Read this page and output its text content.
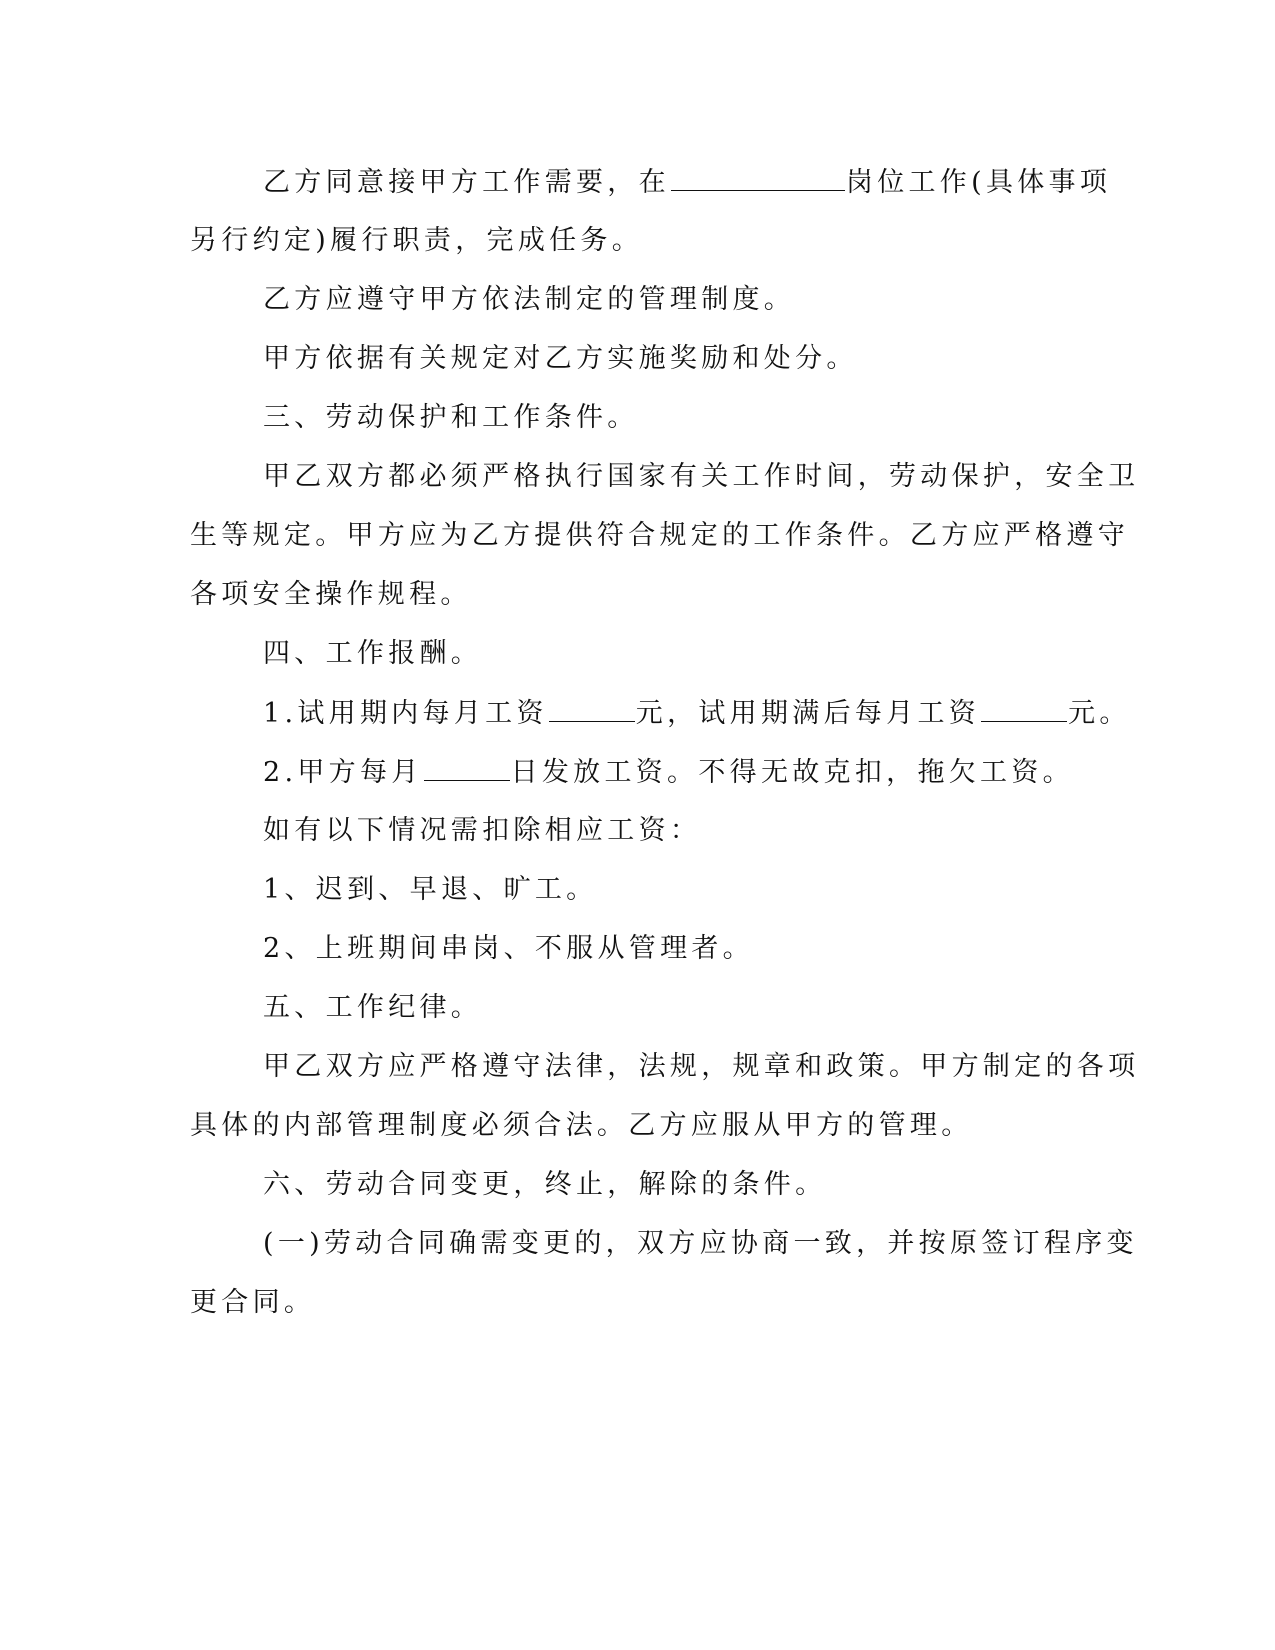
乙方同意接甲方工作需要，在	岗位工作(具体事项
另行约定)履行职责，完成任务。
乙方应遵守甲方依法制定的管理制度。
甲方依据有关规定对乙方实施奖励和处分。
三、劳动保护和工作条件。
甲乙双方都必须严格执行国家有关工作时间，劳动保护，安全卫
生等规定。甲方应为乙方提供符合规定的工作条件。乙方应严格遵守
各项安全操作规程。
四、工作报酬。
1.试用期内每月工资	元，试用期满后每月工资	元。
2.甲方每月	日发放工资。不得无故克扣，拖欠工资。
如有以下情况需扣除相应工资：
1、迟到、早退、旷工。
2、上班期间串岗、不服从管理者。
五、工作纪律。
甲乙双方应严格遵守法律，法规，规章和政策。甲方制定的各项
具体的内部管理制度必须合法。乙方应服从甲方的管理。
六、劳动合同变更，终止，解除的条件。
(一)劳动合同确需变更的，双方应协商一致，并按原签订程序变
更合同。
